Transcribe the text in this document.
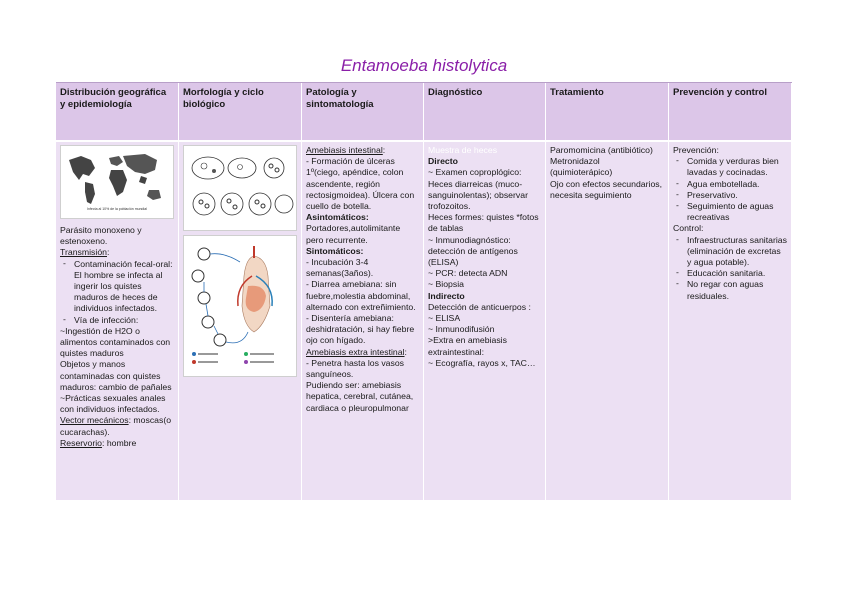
Entamoeba histolytica
Distribución geográfica y epidemiología
Morfología y ciclo biológico
Patología y sintomatología
Diagnóstico	Tratamiento	Prevención y control
Infecta al 10% de la población mundial
Parásito monoxeno y estenoxeno.
Transmisión:
- Contaminación fecal-oral: El hombre se infecta al ingerir los quistes maduros de heces de individuos infectados.
- Vía de infección:
~Ingestión de H2O o alimentos contaminados con quistes maduros
Objetos y manos contaminadas con quistes maduros: cambio de pañales
~Prácticas sexuales anales con individuos infectados.
Vector mecánicos: moscas(o cucarachas).
Reservorio: hombre
Amebiasis intestinal:
- Formación de úlceras 1º(ciego, apéndice, colon ascendente, región rectosigmoidea). Úlcera con cuello de botella.
Asintomáticos:
Portadores,autolimitante pero recurrente.
Sintomáticos:
- Incubación 3-4 semanas(3años).
- Diarrea amebiana: sin fuebre,molestia abdominal, alternado con extreñimiento.
- Disentería amebiana: deshidratación, si hay fiebre ojo con hígado.
Amebiasis extra intestinal:
- Penetra hasta los vasos sanguíneos.
Pudiendo ser: amebiasis hepatica, cerebral, cutánea, cardiaca o pleuropulmonar
Muestra de heces
Directo
~ Examen coproplógico: Heces diarreicas (muco-sanguinolentas); observar trofozoitos.
Heces formes: quistes *fotos de tablas
~ Inmunodiagnóstico: detección de antígenos (ELISA)
~ PCR: detecta ADN
~ Biopsia
Indirecto
Detección de anticuerpos :
~ ELISA
~ Inmunodifusión
>Extra en amebiasis extraintestinal:
~ Ecografía, rayos x, TAC…
Paromomicina (antibiótico)
Metronidazol (quimioterápico)
Ojo con efectos secundarios, necesita seguimiento
Prevención:
- Comida y verduras bien lavadas y cocinadas.
- Agua embotellada.
- Preservativo.
- Seguimiento de aguas recreativas
Control:
- Infraestructuras sanitarias (eliminación de excretas y agua potable).
- Educación sanitaria.
- No regar con aguas residuales.
